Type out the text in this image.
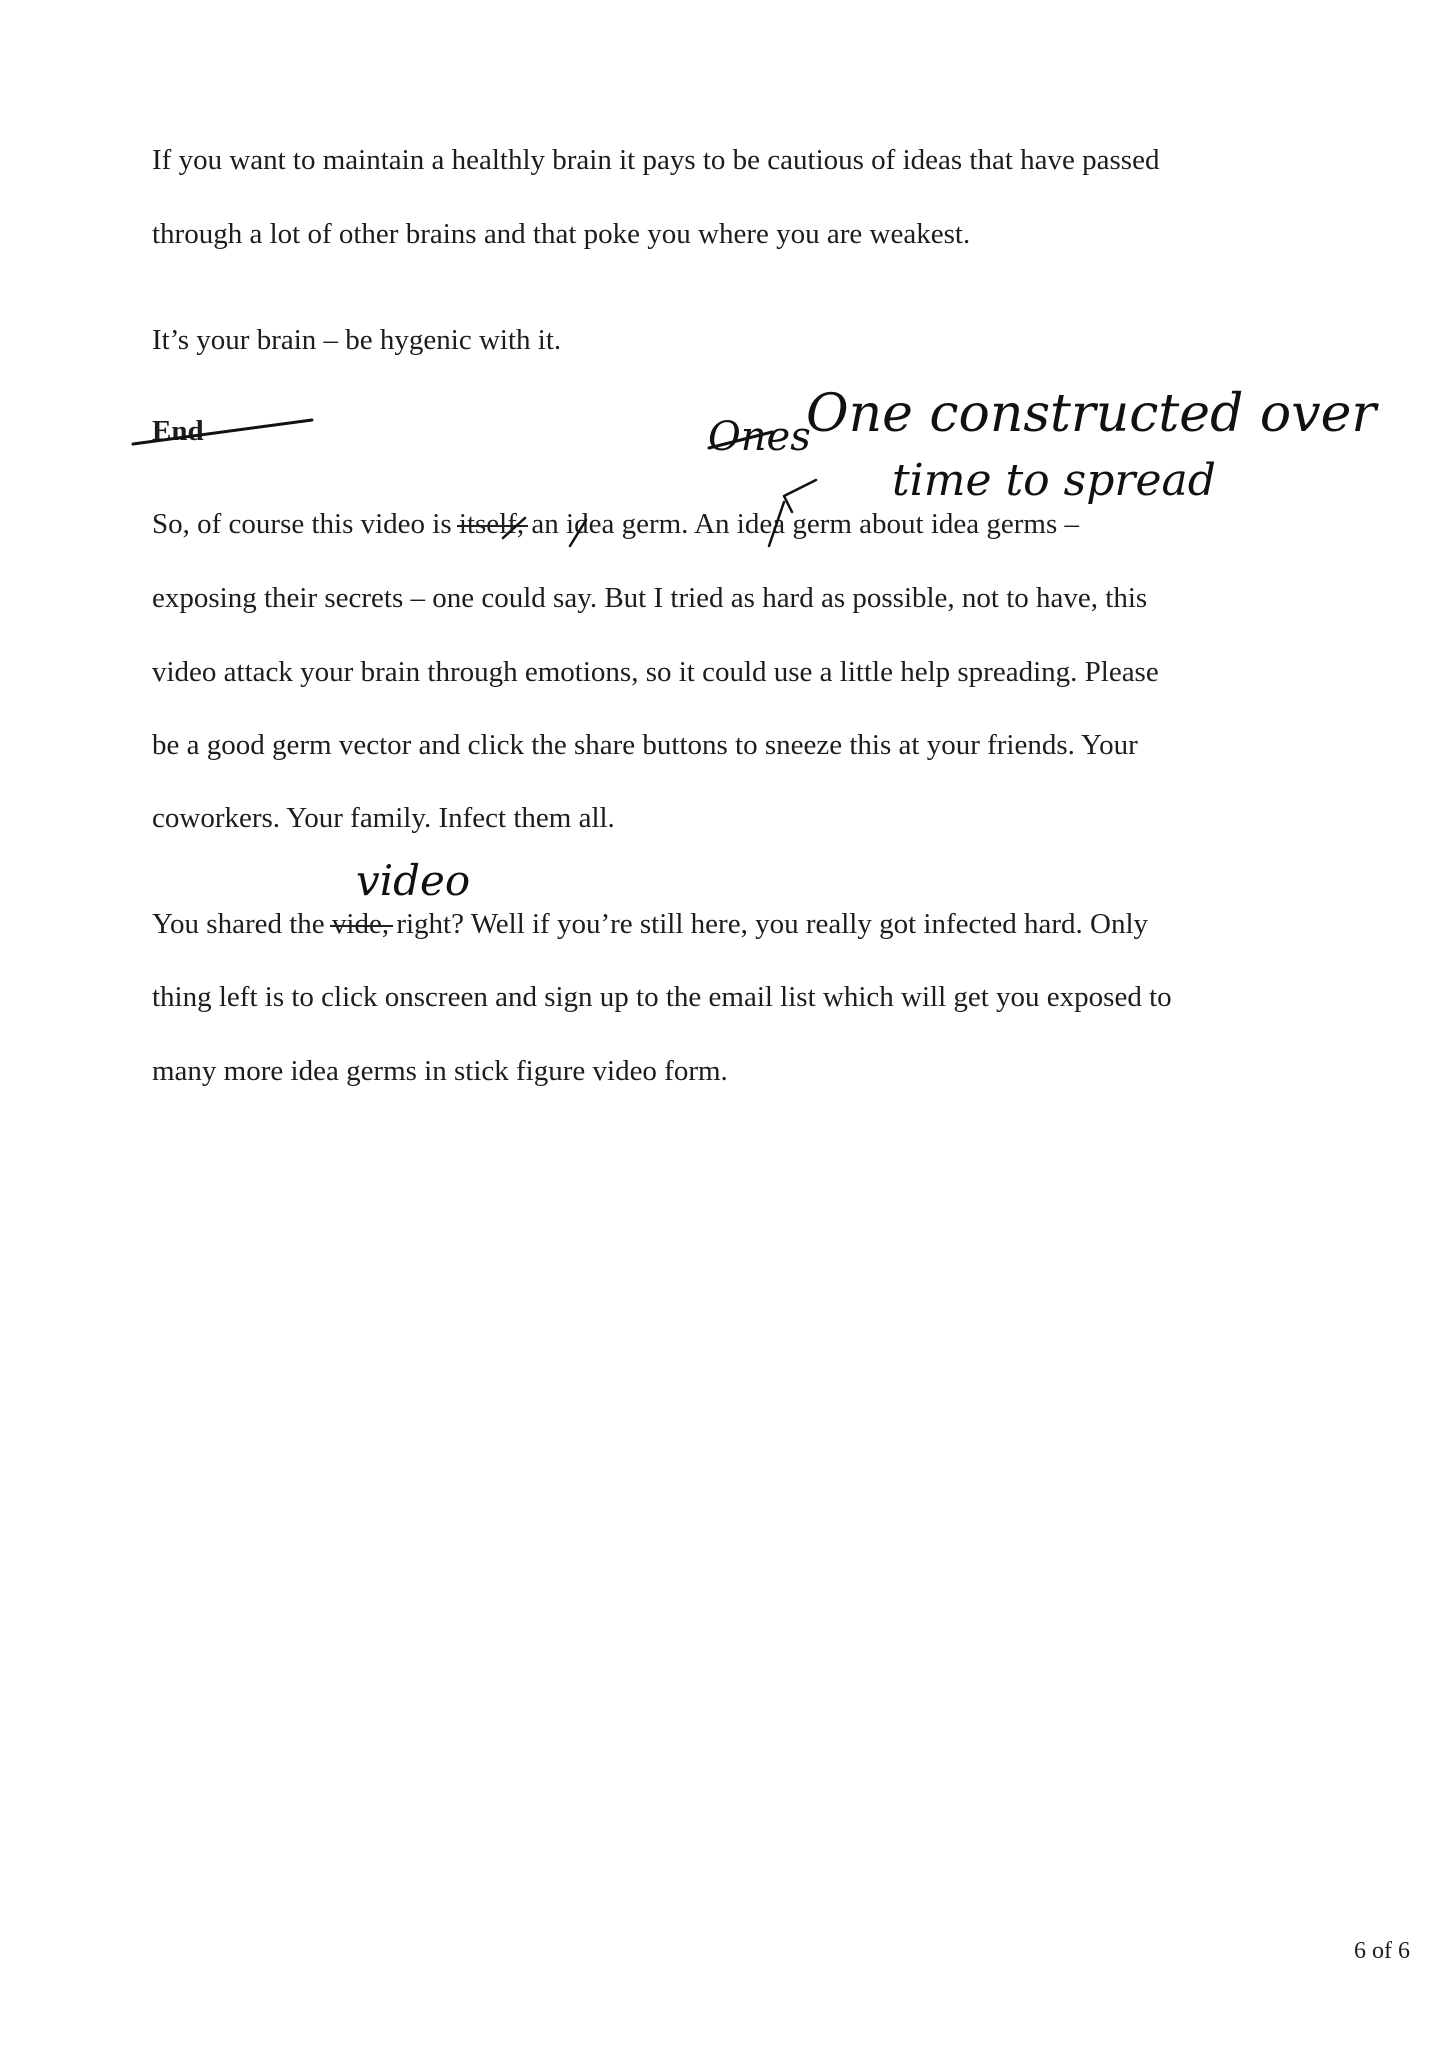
If you want to maintain a healthly brain it pays to be cautious of ideas that have passed
through a lot of other brains and that poke you where you are weakest.
It’s your brain – be hygenic with it.
End
So, of course this video is itself,
an idea germ. An idea germ about idea germs –
exposing their secrets – one could say. But I tried as hard as possible, not to have, this
video attack your brain through emotions, so it could use a little help spreading. Please
be a good germ vector and click the share buttons to sneeze this at your friends. Your
coworkers. Your family. Infect them all.
You shared the vide,
right? Well if you’re still here, you really got infected hard. Only
thing left is to click onscreen and sign up to the email list which will get you exposed to
many more idea germs in stick figure video form.
Ones
One constructed over
time to spread
video
6 of 6
